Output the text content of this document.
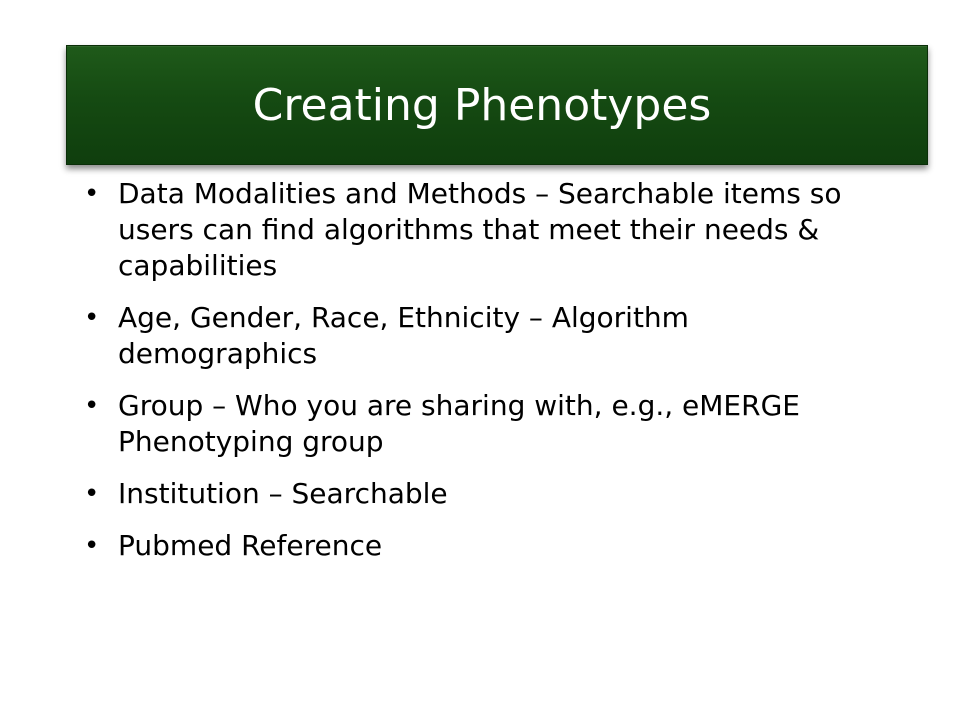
Creating Phenotypes
• Data Modalities and Methods – Searchable items so users can find algorithms that meet their needs & capabilities
• Age, Gender, Race, Ethnicity – Algorithm demographics
• Group – Who you are sharing with, e.g., eMERGE Phenotyping group
• Institution – Searchable
• Pubmed Reference
